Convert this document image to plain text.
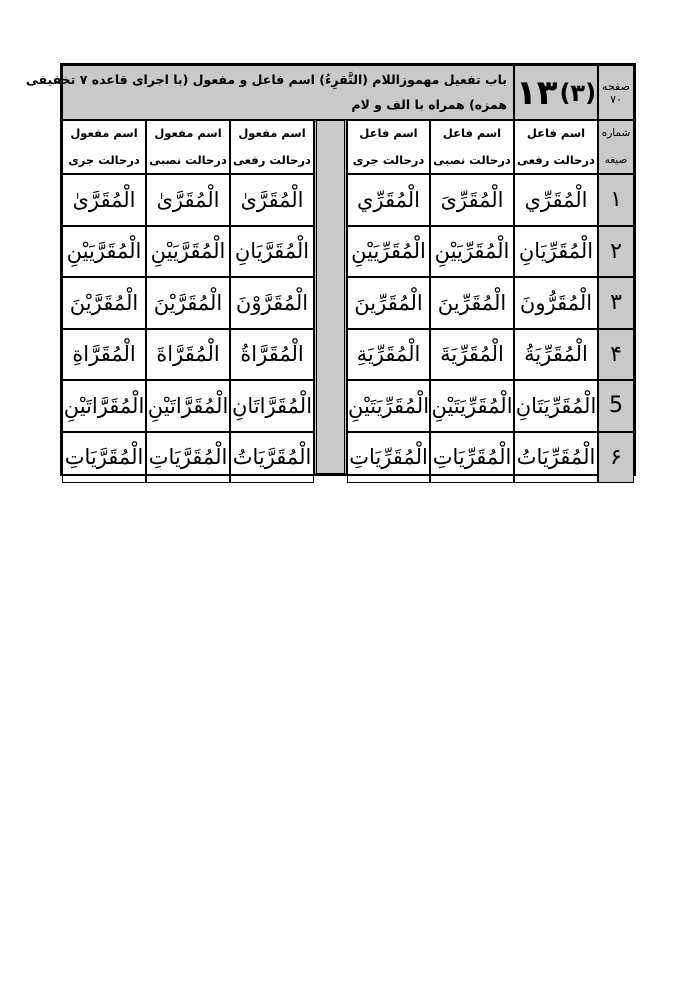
باب تفعیل مهموزاللام (التَّقرِءُ) اسم فاعل و مفعول (با اجرای قاعده ۷ تخفیفی
همزه) همراه با الف و لام ۱۳ (۳) صفحه
۷۰
اسم مفعول
درحالت جری
اسم مفعول
درحالت نصبی
اسم مفعول
درحالت رفعی
اسم فاعل
درحالت جری
اسم فاعل
درحالت نصبی
اسم فاعل
درحالت رفعی
شماره
صیغه
الْمُقَرَّیٰ الْمُقَرَّیٰ الْمُقَرَّیٰ	الْمُقَرِّي الْمُقَرِّیَ الْمُقَرِّي ۱
الْمُقَرَّيَيْنِ الْمُقَرَّيَيْنِ الْمُقَرَّيَانِ الْمُقَرِّيَيْنِ الْمُقَرِّيَيْنِ الْمُقَرِّيَانِ ۲
الْمُقَرَّيْنَ الْمُقَرَّيْنَ الْمُقَرَّوْنَ الْمُقَرِّينَ الْمُقَرِّينَ الْمُقَرُّونَ ۳
الْمُقَرَّاةِ الْمُقَرَّاةَ الْمُقَرَّاةُ	الْمُقَرِّيَةِ الْمُقَرِّيَةَ الْمُقَرِّيَةُ ۴
الْمُقَرَّاتَيْنِ الْمُقَرَّاتَيْنِ الْمُقَرَّاتَانِ الْمُقَرِّيَتَيْنِ الْمُقَرِّيَتَيْنِ الْمُقَرِّيَتَانِ 5
الْمُقَرَّيَاتِ الْمُقَرَّيَاتِ الْمُقَرَّيَاتُ الْمُقَرِّيَاتِ الْمُقَرِّيَاتِ الْمُقَرِّيَاتُ ۶
